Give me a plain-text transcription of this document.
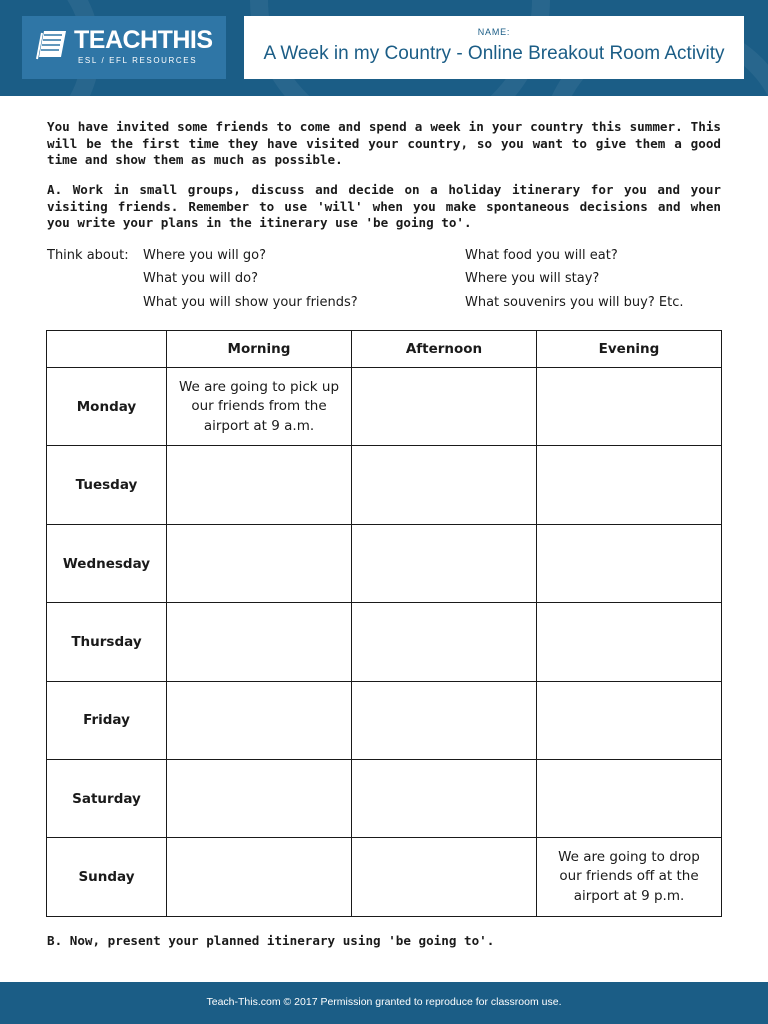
TEACHTHIS
ESL / EFL RESOURCES
NAME:
A Week in my Country - Online Breakout Room Activity

You have invited some friends to come and spend a week in your country this summer. This will be the first time they have visited your country, so you want to give them a good time and show them as much as possible.

A. Work in small groups, discuss and decide on a holiday itinerary for you and your visiting friends. Remember to use 'will' when you make spontaneous decisions and when you write your plans in the itinerary use 'be going to'.

Think about: Where you will go?
What you will do?
What you will show your friends?
What food you will eat?
Where you will stay?
What souvenirs you will buy? Etc.
	Morning	Afternoon	Evening
Monday	We are going to pick up our friends from the airport at 9 a.m.		
Tuesday			
Wednesday			
Thursday			
Friday			
Saturday			
Sunday			We are going to drop our friends off at the airport at 9 p.m.

B. Now, present your planned itinerary using 'be going to'.

Teach-This.com © 2017 Permission granted to reproduce for classroom use.
